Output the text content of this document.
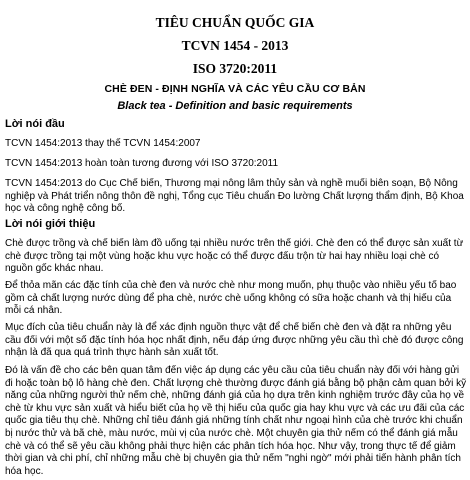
TIÊU CHUẨN QUỐC GIA
TCVN 1454 - 2013
ISO 3720:2011
CHÈ ĐEN - ĐỊNH NGHĨA VÀ CÁC YÊU CẦU CƠ BẢN
Black tea - Definition and basic requirements
Lời nói đầu

TCVN 1454:2013 thay thế TCVN 1454:2007

TCVN 1454:2013 hoàn toàn tương đương với ISO 3720:2011

TCVN 1454:2013 do Cục Chế biến, Thương mại nông lâm thủy sản và nghề muối biên soạn, Bộ Nông nghiệp và Phát triển nông thôn đề nghị, Tổng cục Tiêu chuẩn Đo lường Chất lượng thẩm định, Bộ Khoa học và công nghệ công bố.

Lời nói giới thiệu

Chè được trồng và chế biến làm đồ uống tại nhiều nước trên thế giới. Chè đen có thể được sản xuất từ chè được trồng tại một vùng hoặc khu vực hoặc có thể được đấu trộn từ hai hay nhiều loại chè có nguồn gốc khác nhau.

Để thỏa mãn các đặc tính của chè đen và nước chè như mong muốn, phụ thuộc vào nhiều yếu tố bao gồm cả chất lượng nước dùng để pha chè, nước chè uống không có sữa hoặc chanh và thị hiếu của mỗi cá nhân.

Mục đích của tiêu chuẩn này là để xác định nguồn thực vật để chế biến chè đen và đặt ra những yêu cầu đối với một số đặc tính hóa học nhất định, nếu đáp ứng được những yêu cầu thì chè đó được công nhận là đã qua quá trình thực hành sản xuất tốt.

Đó là vấn đề cho các bên quan tâm đến việc áp dụng các yêu cầu của tiêu chuẩn này đối với hàng gửi đi hoặc toàn bộ lô hàng chè đen. Chất lượng chè thường được đánh giá bằng bộ phận cảm quan bởi kỹ năng của những người thử nếm chè, những đánh giá của họ dựa trên kinh nghiệm trước đây của họ về chè từ khu vực sản xuất và hiểu biết của họ về thị hiếu của quốc gia hay khu vực và các ưu đãi của các quốc gia tiêu thụ chè. Những chỉ tiêu đánh giá những tính chất như ngoại hình của chè trước khi chuẩn bị nước thử và bã chè, màu nước, mùi vị của nước chè. Một chuyên gia thử nếm có thể đánh giá mẫu chè và có thể sẽ yêu cầu không phải thực hiện các phân tích hóa học. Như vậy, trong thực tế để giảm thời gian và chi phí, chỉ những mẫu chè bị chuyên gia thử nếm "nghi ngờ" mới phải tiến hành phân tích hóa học.
